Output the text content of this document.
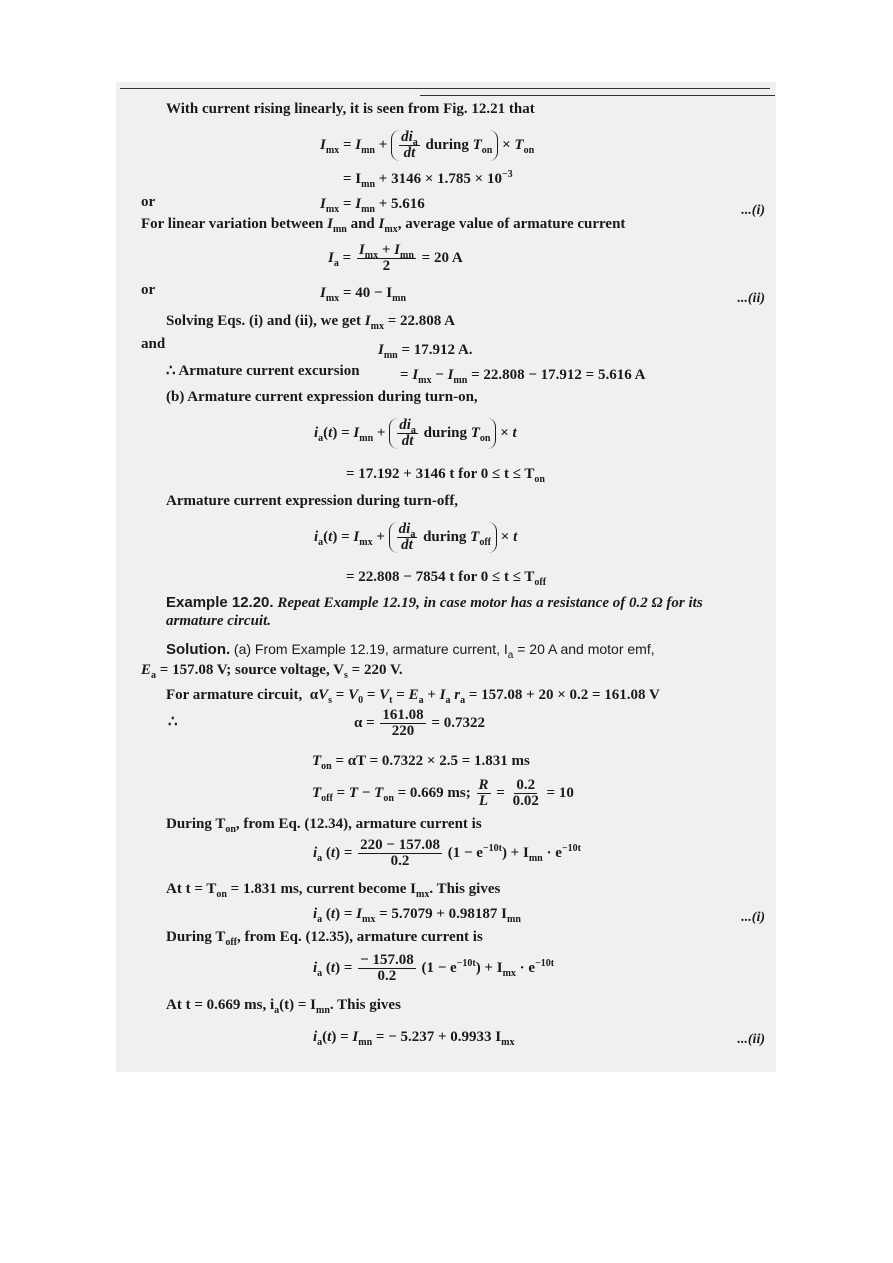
With current rising linearly, it is seen from Fig. 12.21 that
$I_{mx} = I_{mn} + \frac{di_a}{dt}$ during $T_{on} \times T_{on}$
= $I_{mn} + 3146 \times 1.785 \times 10^{-3}$
or	$I_{mx} = I_{mn} + 5.616$	...(i)
For linear variation between $I_{mn}$ and $I_{mx}$, average value of armature current
$I_a = \frac{I_{mx} + I_{mn}}{2} = 20$ A
or	$I_{mx} = 40 - I_{mn}$	...(ii)
Solving Eqs. (i) and (ii), we get $I_{mx} = 22.808$ A
and	$I_{mn} = 17.912$ A.
∴ Armature current excursion	= $I_{mx} - I_{mn} = 22.808 - 17.912 = 5.616$ A
(b) Armature current expression during turn-on,
$i_a(t) = I_{mn} + \frac{di_a}{dt}$ during $T_{on} \times t$
= 17.192 + 3146 t for $0 \le t \le T_{on}$
Armature current expression during turn-off,
$i_a(t) = I_{mx} + \frac{di_a}{dt}$ during $T_{off} \times t$
= 22.808 − 7854 t for $0 \le t \le T_{off}$
Example 12.20. Repeat Example 12.19, in case motor has a resistance of 0.2 Ω for its armature circuit.
Solution. (a) From Example 12.19, armature current, $I_a = 20$ A and motor emf,
$E_a = 157.08$ V; source voltage, $V_s = 220$ V.
For armature circuit,  $\alpha V_s = V_0 = V_t = E_a + I_a$ $r_a = 157.08 + 20 \times 0.2 = 161.08$ V
∴	$\alpha = \frac{161.08}{220} = 0.7322$
$T_{on} = \alpha T = 0.7322 \times 2.5 = 1.831$ ms
$T_{off} = T - T_{on} = 0.669$ ms; $\frac{R}{L} = \frac{0.2}{0.02} = 10$
During $T_{on}$, from Eq. (12.34), armature current is
$i_a$ $(t) = \frac{220 - 157.08}{0.2} (1 - e^{-10t}) + I_{mn} \cdot e^{-10t}$
At $t = T_{on} = 1.831$ ms, current become $I_{mx}$. This gives
$i_a$ $(t) = I_{mx} = 5.7079 + 0.98187$ $I_{mn}$	...(i)
During $T_{off}$, from Eq. (12.35), armature current is
$i_a$ $(t) = \frac{- 157.08}{0.2} (1 - e^{-10t}) + I_{mx} \cdot e^{-10t}$
At t = 0.669 ms, $i_a(t) = I_{mn}$. This gives
$i_a(t) = I_{mn}$ = − 5.237 + 0.9933 $I_{mx}$	...(ii)
